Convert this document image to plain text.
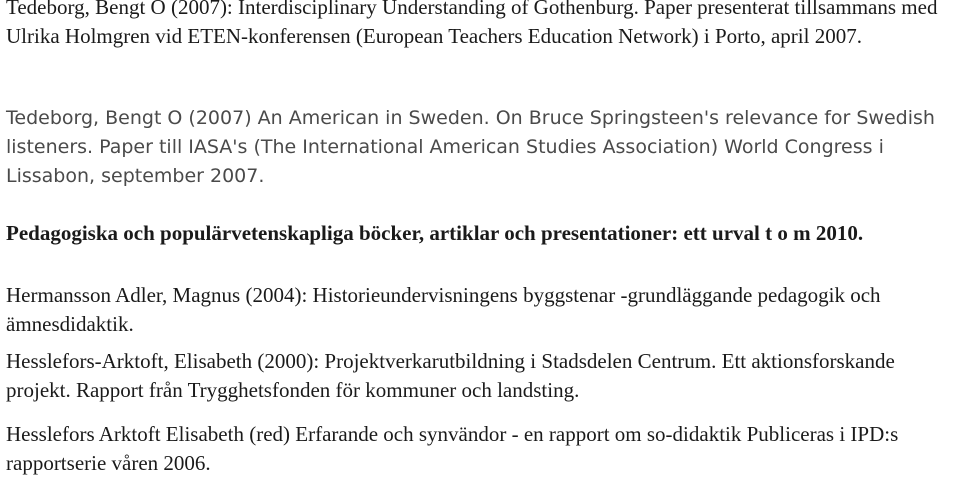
Tedeborg, Bengt O (2007): Interdisciplinary Understanding of Gothenburg. Paper presenterat tillsammans med Ulrika Holmgren vid ETEN-konferensen (European Teachers Education Network) i Porto, april 2007.

Tedeborg, Bengt O (2007) An American in Sweden. On Bruce Springsteen's relevance for Swedish listeners. Paper till IASA's (The International American Studies Association) World Congress i Lissabon, september 2007.

Pedagogiska och populärvetenskapliga böcker, artiklar och presentationer: ett urval t o m 2010.

Hermansson Adler, Magnus (2004): Historieundervisningens byggstenar -grundläggande pedagogik och ämnesdidaktik.

Hesslefors-Arktoft, Elisabeth (2000): Projektverkarutbildning i Stadsdelen Centrum. Ett aktionsforskande projekt. Rapport från Trygghetsfonden för kommuner och landsting.

Hesslefors Arktoft Elisabeth (red) Erfarande och synvändor - en rapport om so-didaktik Publiceras i IPD:s rapportserie våren 2006.
